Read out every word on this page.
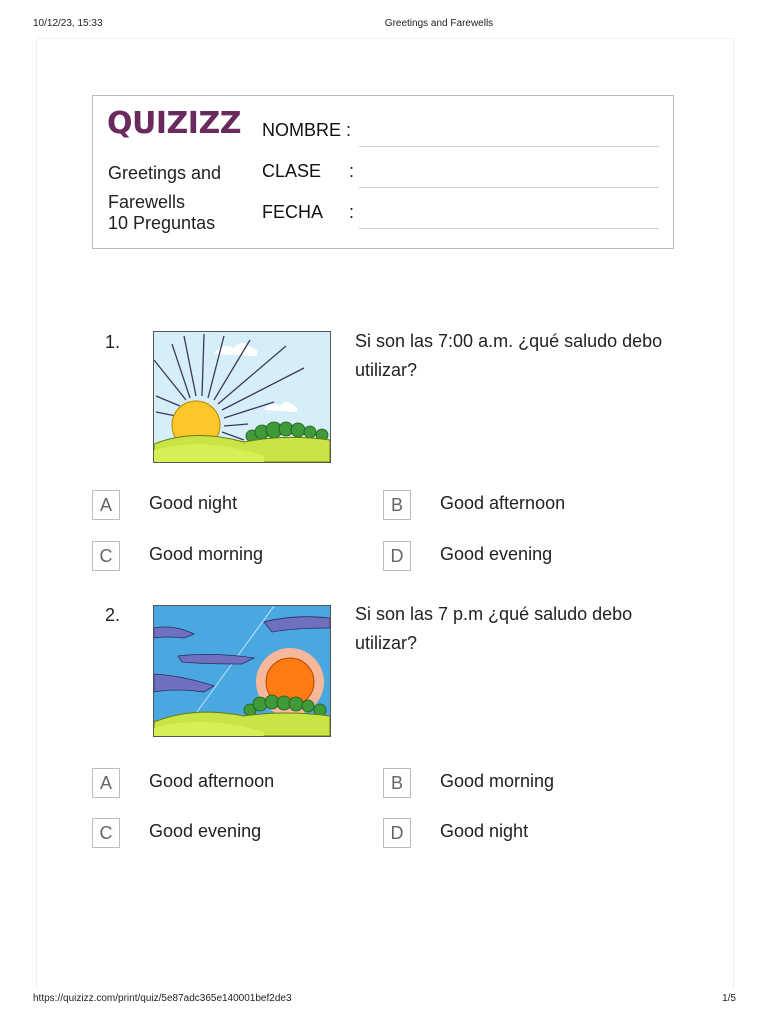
10/12/23, 15:33	Greetings and Farewells
QUIZIZZ
Greetings and Farewells
10 Preguntas
NOMBRE :
CLASE :
FECHA :
1.	Si son las 7:00 a.m. ¿qué saludo debo utilizar?
A	Good night	B	Good afternoon
C	Good morning	D	Good evening
2.	Si son las 7 p.m ¿qué saludo debo utilizar?
A	Good afternoon	B	Good morning
C	Good evening	D	Good night
https://quizizz.com/print/quiz/5e87adc365e140001bef2de3	1/5
